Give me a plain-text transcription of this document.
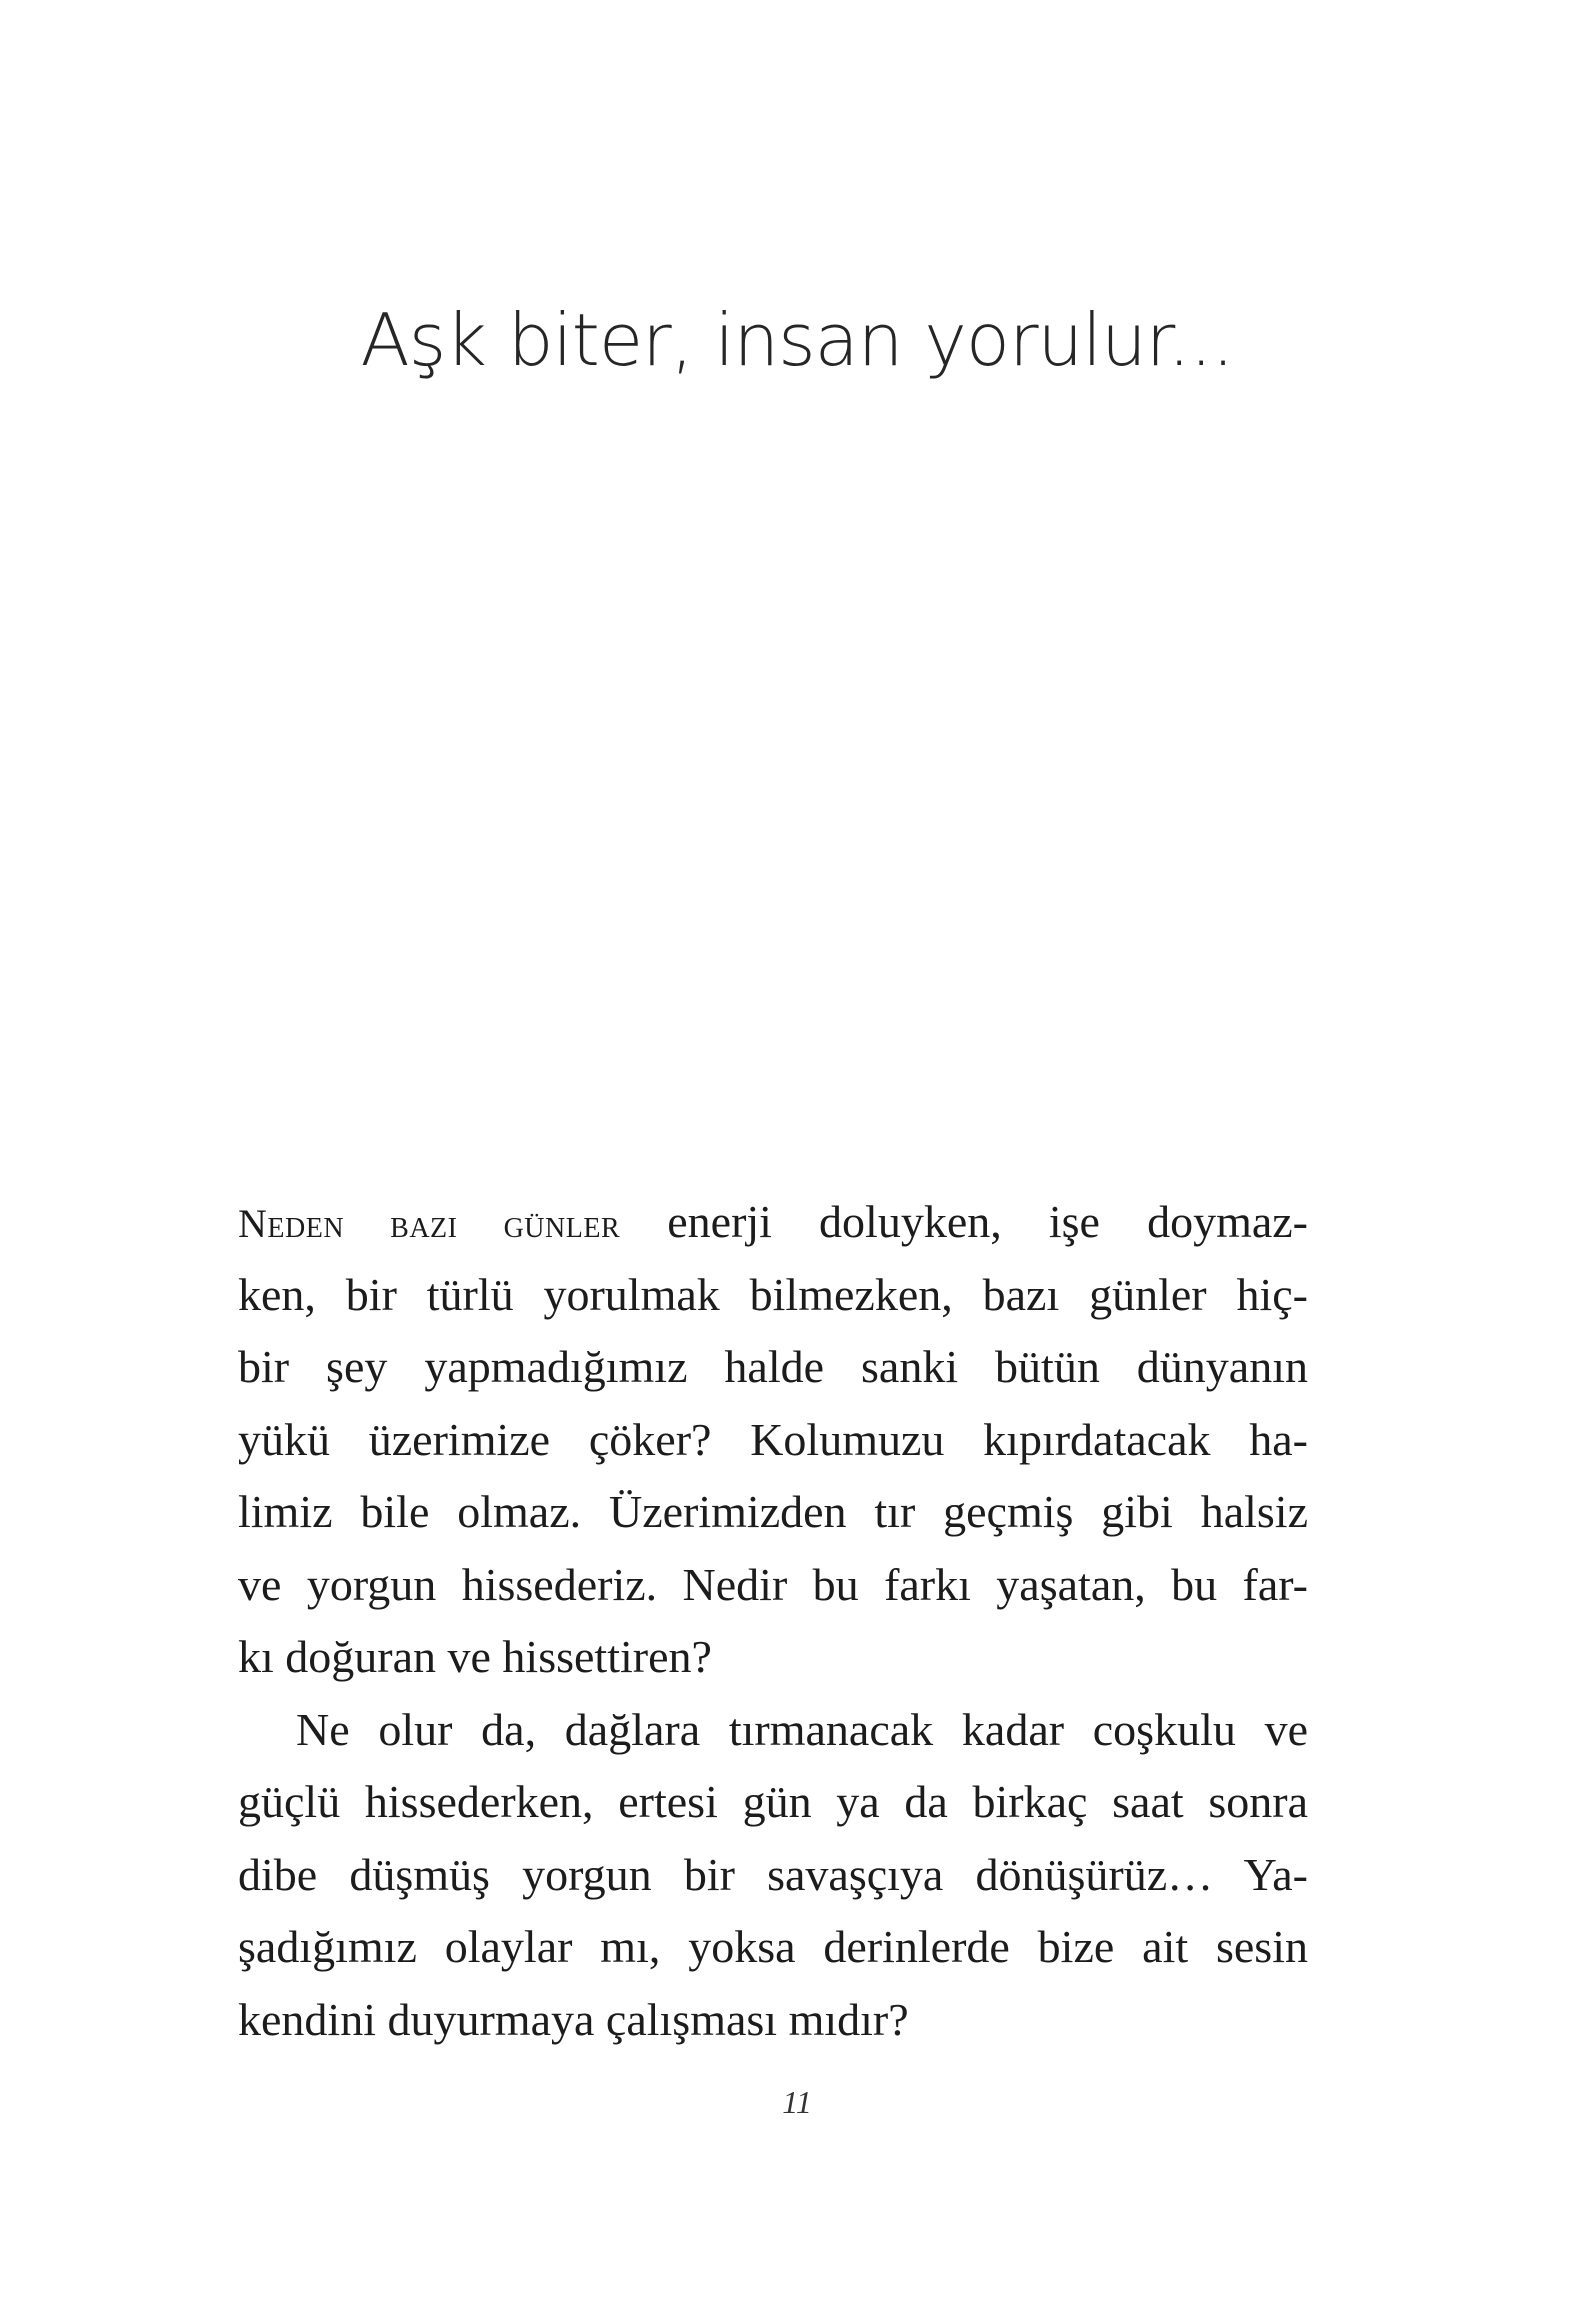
Aşk biter, insan yorulur...
Neden bazı günler enerji doluyken, işe doymaz-
ken, bir türlü yorulmak bilmezken, bazı günler hiç-
bir şey yapmadığımız halde sanki bütün dünyanın
yükü üzerimize çöker? Kolumuzu kıpırdatacak ha-
limiz bile olmaz. Üzerimizden tır geçmiş gibi halsiz
ve yorgun hissederiz. Nedir bu farkı yaşatan, bu far-
kı doğuran ve hissettiren?
Ne olur da, dağlara tırmanacak kadar coşkulu ve
güçlü hissederken, ertesi gün ya da birkaç saat sonra
dibe düşmüş yorgun bir savaşçıya dönüşürüz… Ya-
şadığımız olaylar mı, yoksa derinlerde bize ait sesin
kendini duyurmaya çalışması mıdır?
11
